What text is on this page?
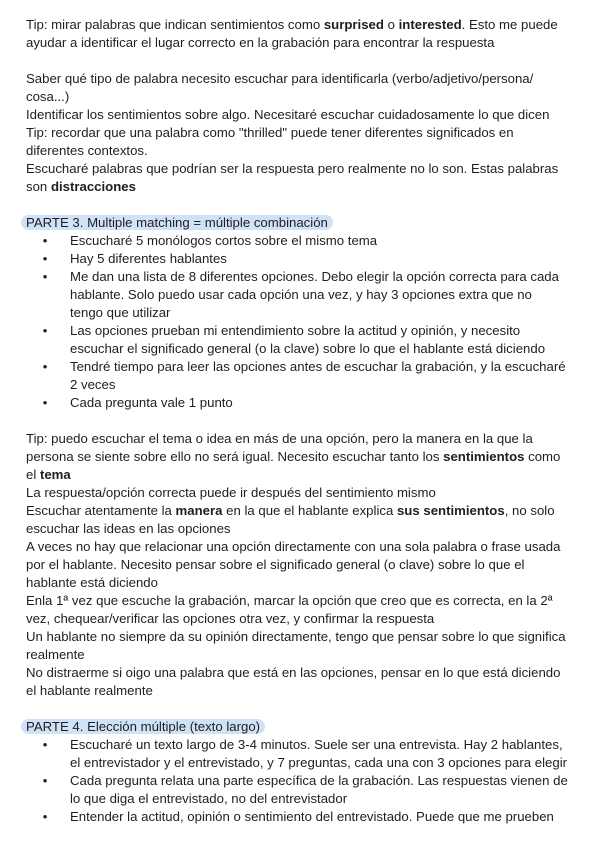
Tip: mirar palabras que indican sentimientos como surprised o interested. Esto me puede ayudar a identificar el lugar correcto en la grabación para encontrar la respuesta

Saber qué tipo de palabra necesito escuchar para identificarla (verbo/adjetivo/persona/ cosa...)

Identificar los sentimientos sobre algo. Necesitaré escuchar cuidadosamente lo que dicen

Tip: recordar que una palabra como "thrilled" puede tener diferentes significados en diferentes contextos.

Escucharé palabras que podrían ser la respuesta pero realmente no lo son. Estas palabras son distracciones

PARTE 3. Multiple matching = múltiple combinación

• Escucharé 5 monólogos cortos sobre el mismo tema
• Hay 5 diferentes hablantes
• Me dan una lista de 8 diferentes opciones. Debo elegir la opción correcta para cada hablante. Solo puedo usar cada opción una vez, y hay 3 opciones extra que no tengo que utilizar
• Las opciones prueban mi entendimiento sobre la actitud y opinión, y necesito escuchar el significado general (o la clave) sobre lo que el hablante está diciendo
• Tendré tiempo para leer las opciones antes de escuchar la grabación, y la escucharé 2 veces
• Cada pregunta vale 1 punto

Tip: puedo escuchar el tema o idea en más de una opción, pero la manera en la que la persona se siente sobre ello no será igual. Necesito escuchar tanto los sentimientos como el tema

La respuesta/opción correcta puede ir después del sentimiento mismo

Escuchar atentamente la manera en la que el hablante explica sus sentimientos, no solo escuchar las ideas en las opciones

A veces no hay que relacionar una opción directamente con una sola palabra o frase usada por el hablante. Necesito pensar sobre el significado general (o clave) sobre lo que el hablante está diciendo

Enla 1ª vez que escuche la grabación, marcar la opción que creo que es correcta, en la 2ª vez, chequear/verificar las opciones otra vez, y confirmar la respuesta

Un hablante no siempre da su opinión directamente, tengo que pensar sobre lo que significa realmente

No distraerme si oigo una palabra que está en las opciones, pensar en lo que está diciendo el hablante realmente

PARTE 4. Elección múltiple (texto largo)

• Escucharé un texto largo de 3-4 minutos. Suele ser una entrevista. Hay 2 hablantes, el entrevistador y el entrevistado, y 7 preguntas, cada una con 3 opciones para elegir
• Cada pregunta relata una parte específica de la grabación. Las respuestas vienen de lo que diga el entrevistado, no del entrevistador
• Entender la actitud, opinión o sentimiento del entrevistado. Puede que me prueben
